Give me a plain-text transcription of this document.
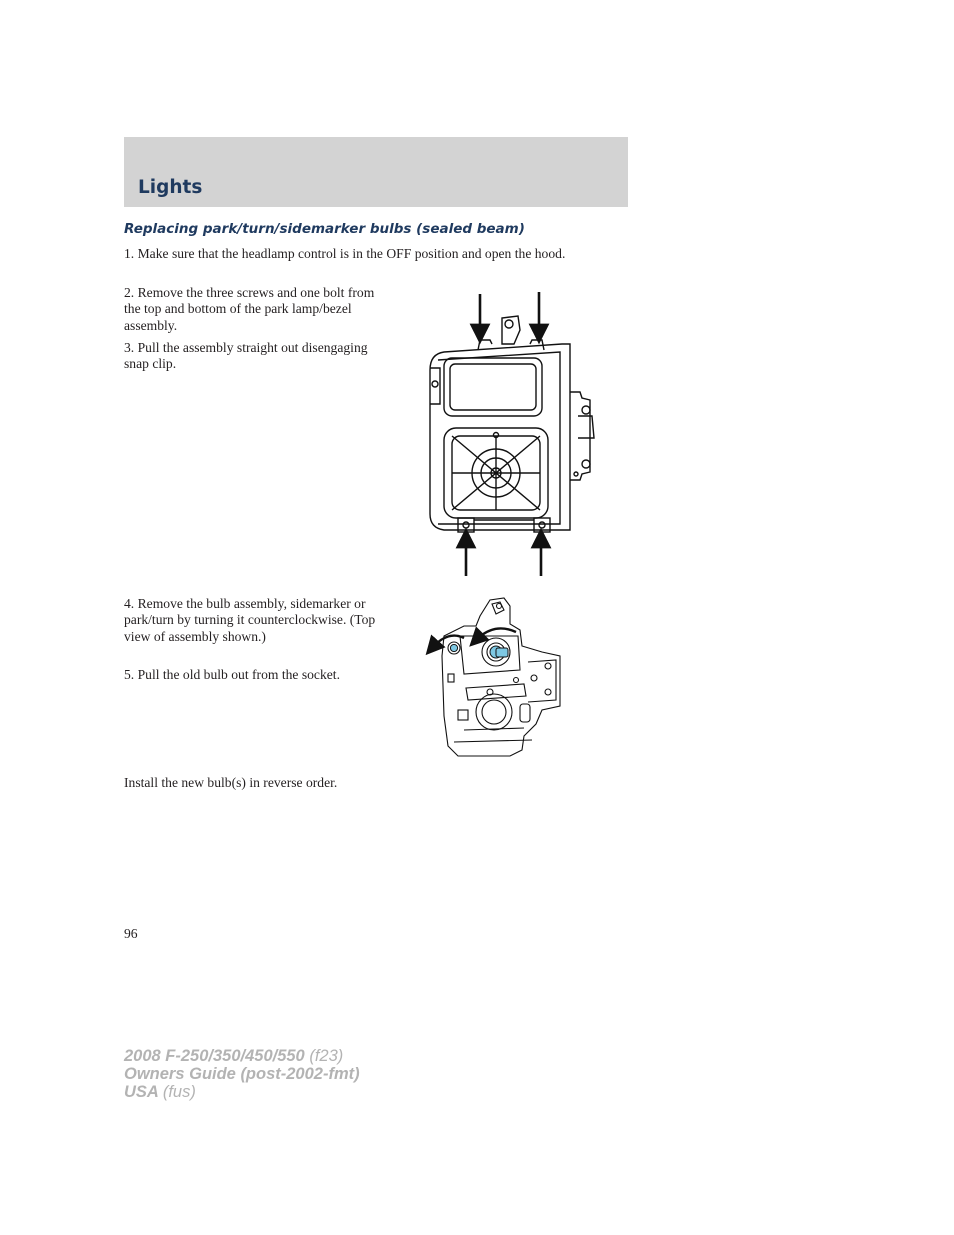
Lights
Replacing park/turn/sidemarker bulbs (sealed beam)

1. Make sure that the headlamp control is in the OFF position and open the hood.

2. Remove the three screws and one bolt from the top and bottom of the park lamp/bezel assembly.

3. Pull the assembly straight out disengaging snap clip.

4. Remove the bulb assembly, sidemarker or park/turn by turning it counterclockwise. (Top view of assembly shown.)

5. Pull the old bulb out from the socket.

Install the new bulb(s) in reverse order.

96

2008 F-250/350/450/550 (f23)
Owners Guide (post-2002-fmt)
USA (fus)
